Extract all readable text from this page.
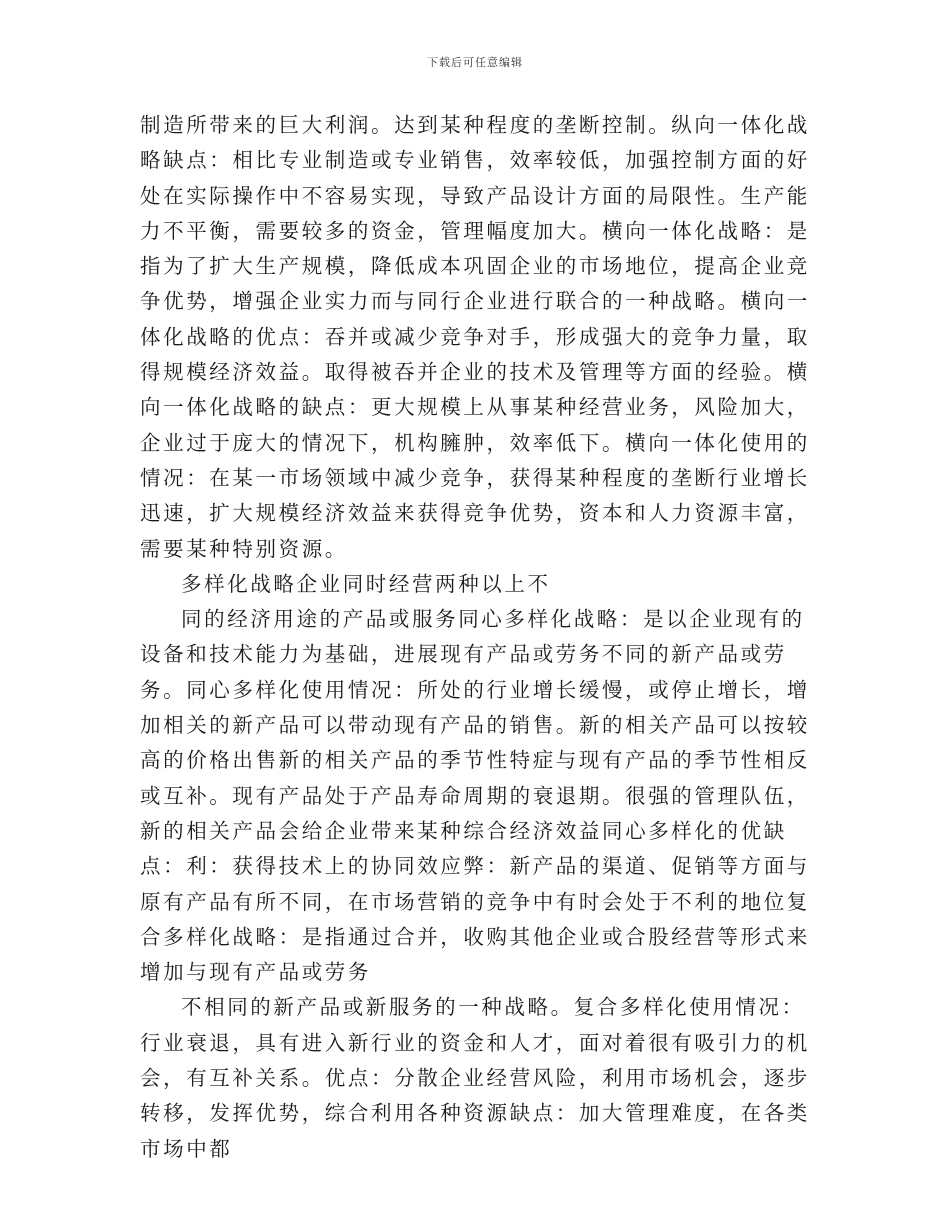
下载后可任意编辑

制造所带来的巨大利润。达到某种程度的垄断控制。纵向一体化战略缺点：相比专业制造或专业销售，效率较低，加强控制方面的好处在实际操作中不容易实现，导致产品设计方面的局限性。生产能力不平衡，需要较多的资金，管理幅度加大。横向一体化战略：是指为了扩大生产规模，降低成本巩固企业的市场地位，提高企业竞争优势，增强企业实力而与同行企业进行联合的一种战略。横向一体化战略的优点：吞并或减少竞争对手，形成强大的竞争力量，取得规模经济效益。取得被吞并企业的技术及管理等方面的经验。横向一体化战略的缺点：更大规模上从事某种经营业务，风险加大，企业过于庞大的情况下，机构臃肿，效率低下。横向一体化使用的情况：在某一市场领域中减少竞争，获得某种程度的垄断行业增长迅速，扩大规模经济效益来获得竞争优势，资本和人力资源丰富，需要某种特别资源。

多样化战略企业同时经营两种以上不

同的经济用途的产品或服务同心多样化战略：是以企业现有的设备和技术能力为基础，进展现有产品或劳务不同的新产品或劳务。同心多样化使用情况：所处的行业增长缓慢，或停止增长，增加相关的新产品可以带动现有产品的销售。新的相关产品可以按较高的价格出售新的相关产品的季节性特症与现有产品的季节性相反或互补。现有产品处于产品寿命周期的衰退期。很强的管理队伍，新的相关产品会给企业带来某种综合经济效益同心多样化的优缺点：利：获得技术上的协同效应弊：新产品的渠道、促销等方面与原有产品有所不同，在市场营销的竞争中有时会处于不利的地位复合多样化战略：是指通过合并，收购其他企业或合股经营等形式来增加与现有产品或劳务

不相同的新产品或新服务的一种战略。复合多样化使用情况：行业衰退，具有进入新行业的资金和人才，面对着很有吸引力的机会，有互补关系。优点：分散企业经营风险，利用市场机会，逐步转移，发挥优势，综合利用各种资源缺点：加大管理难度，在各类市场中都
